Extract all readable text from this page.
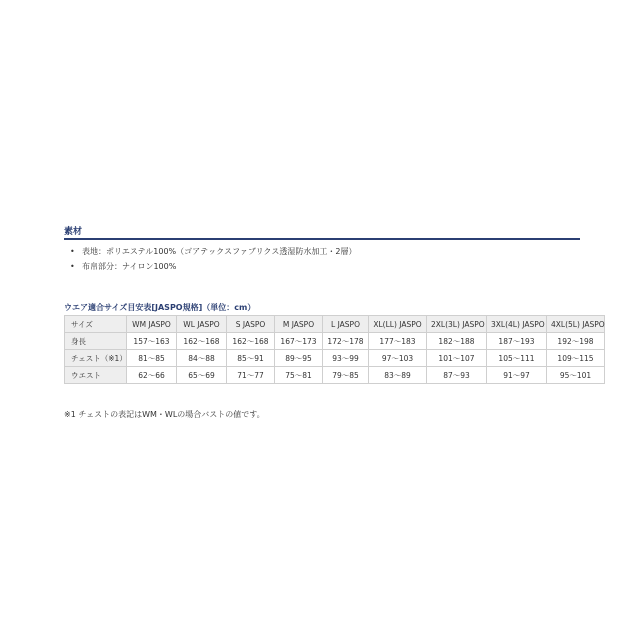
素材
• 表地：ポリエステル100%（ゴアテックスファブリクス透湿防水加工・2層）
• 布帛部分：ナイロン100%
ウエア適合サイズ目安表[JASPO規格]（単位：cm）
サイズ	WM JASPO	WL JASPO	S JASPO	M JASPO	L JASPO	XL(LL) JASPO	2XL(3L) JASPO	3XL(4L) JASPO	4XL(5L) JASPO
身長	157〜163	162〜168	162〜168	167〜173	172〜178	177〜183	182〜188	187〜193	192〜198
チェスト（※1）	81〜85	84〜88	85〜91	89〜95	93〜99	97〜103	101〜107	105〜111	109〜115
ウエスト	62〜66	65〜69	71〜77	75〜81	79〜85	83〜89	87〜93	91〜97	95〜101
※1 チェストの表記はWM・WLの場合バストの値です。
